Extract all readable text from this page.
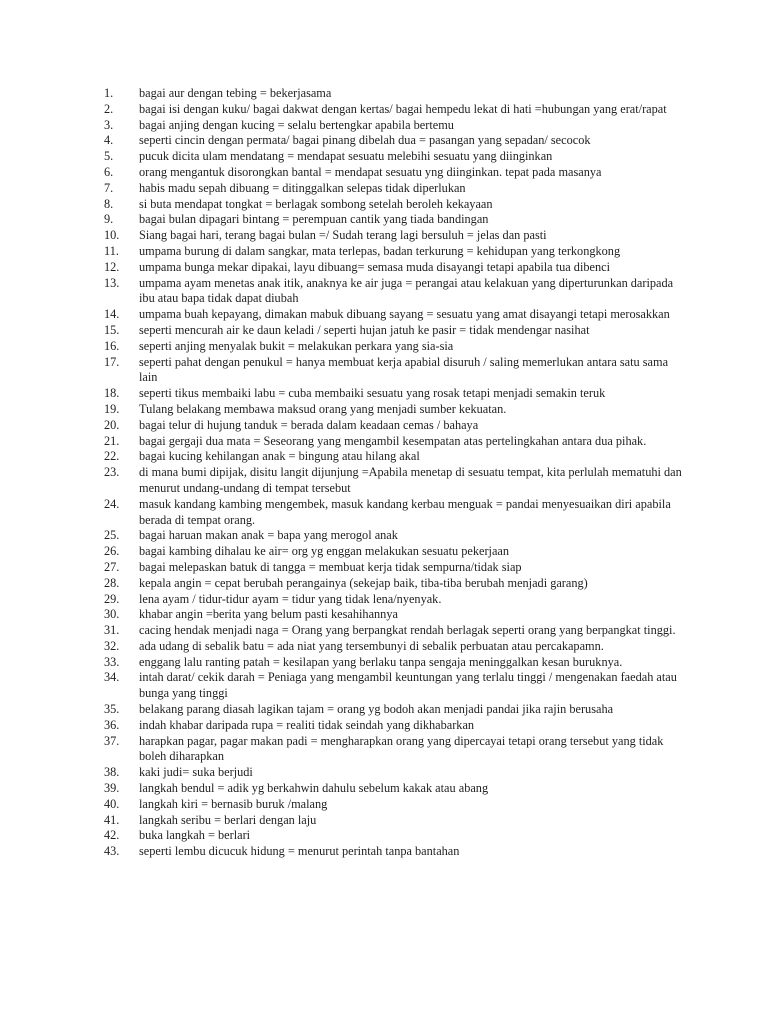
1.	bagai aur dengan tebing = bekerjasama
2.	bagai isi dengan kuku/ bagai dakwat dengan kertas/ bagai hempedu lekat di hati =hubungan yang erat/rapat
3.	bagai anjing dengan kucing = selalu bertengkar apabila bertemu
4.	seperti cincin dengan permata/ bagai pinang dibelah dua = pasangan yang sepadan/ secocok
5.	pucuk dicita ulam mendatang = mendapat sesuatu melebihi sesuatu yang diinginkan
6.	orang mengantuk disorongkan bantal = mendapat sesuatu yng diinginkan. tepat pada masanya
7.	habis madu sepah dibuang = ditinggalkan selepas tidak diperlukan
8.	si buta mendapat tongkat = berlagak sombong setelah beroleh kekayaan
9.	bagai bulan dipagari bintang = perempuan cantik yang tiada bandingan
10.	Siang bagai hari, terang bagai bulan =/ Sudah terang lagi bersuluh = jelas dan pasti
11.	umpama burung di dalam sangkar, mata terlepas, badan terkurung = kehidupan yang terkongkong
12.	umpama bunga mekar dipakai, layu dibuang= semasa muda disayangi tetapi apabila tua dibenci
13.	umpama ayam menetas anak itik, anaknya ke air juga = perangai atau kelakuan yang diperturunkan daripada ibu atau bapa tidak dapat diubah
14.	umpama buah kepayang, dimakan mabuk dibuang sayang = sesuatu yang amat disayangi tetapi merosakkan
15.	seperti mencurah air ke daun keladi / seperti hujan jatuh ke pasir = tidak mendengar nasihat
16.	seperti anjing menyalak bukit = melakukan perkara yang sia-sia
17.	seperti pahat dengan penukul = hanya membuat kerja apabial disuruh / saling memerlukan antara satu sama lain
18.	seperti tikus membaiki labu = cuba membaiki sesuatu yang rosak tetapi menjadi semakin teruk
19.	Tulang belakang membawa maksud orang yang menjadi sumber kekuatan.
20.	bagai telur di hujung tanduk = berada dalam keadaan cemas / bahaya
21.	bagai gergaji dua mata = Seseorang yang mengambil kesempatan atas pertelingkahan antara dua pihak.
22.	bagai kucing kehilangan anak = bingung atau hilang akal
23.	di mana bumi dipijak, disitu langit dijunjung =Apabila menetap di sesuatu tempat, kita perlulah mematuhi dan menurut undang-undang di tempat tersebut
24.	masuk kandang kambing mengembek, masuk kandang kerbau menguak = pandai menyesuaikan diri apabila berada di tempat orang.
25.	bagai haruan makan anak = bapa yang merogol anak
26.	bagai kambing dihalau ke air= org yg enggan melakukan sesuatu pekerjaan
27.	bagai melepaskan batuk di tangga = membuat kerja tidak sempurna/tidak siap
28.	kepala angin = cepat berubah perangainya (sekejap baik, tiba-tiba berubah menjadi garang)
29.	lena ayam / tidur-tidur ayam = tidur yang tidak lena/nyenyak.
30.	khabar angin =berita yang belum pasti kesahihannya
31.	cacing hendak menjadi naga = Orang yang berpangkat rendah berlagak seperti orang yang berpangkat tinggi.
32.	ada udang di sebalik batu = ada niat yang tersembunyi di sebalik perbuatan atau percakapamn.
33.	enggang lalu ranting patah = kesilapan yang berlaku tanpa sengaja meninggalkan kesan buruknya.
34.	intah darat/ cekik darah = Peniaga yang mengambil keuntungan yang terlalu tinggi / mengenakan faedah atau bunga yang tinggi
35.	belakang parang diasah lagikan tajam = orang yg bodoh akan menjadi pandai jika rajin berusaha
36.	indah khabar daripada rupa = realiti tidak seindah yang dikhabarkan
37.	harapkan pagar, pagar makan padi = mengharapkan orang yang dipercayai tetapi orang tersebut yang tidak boleh diharapkan
38.	kaki judi= suka berjudi
39.	langkah bendul = adik yg berkahwin dahulu sebelum kakak atau abang
40.	langkah kiri = bernasib buruk /malang
41.	langkah seribu = berlari dengan laju
42.	buka langkah = berlari
43.	seperti lembu dicucuk hidung = menurut perintah tanpa bantahan
